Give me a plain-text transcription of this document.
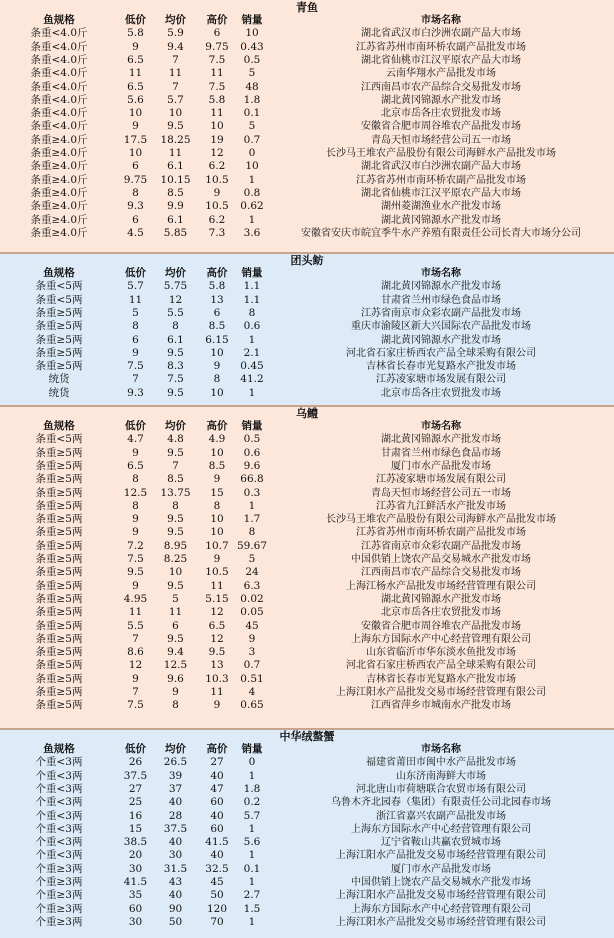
青鱼
鱼规格	低价	均价	高价	销量	市场名称
条重<4.0斤	5.8	5.9	6	10	湖北省武汉市白沙洲农副产品大市场
条重<4.0斤	9	9.4	9.75	0.43	江苏省苏州市南环桥农副产品批发市场
条重<4.0斤	6.5	7	7.5	0.5	湖北省仙桃市江汉平原农产品大市场
条重<4.0斤	11	11	11	5	云南华翔水产品批发市场
条重<4.0斤	6.5	7	7.5	48	江西南昌市农产品综合交易批发市场
条重<4.0斤	5.6	5.7	5.8	1.8	湖北黄冈锦源水产批发市场
条重<4.0斤	10	10	11	0.1	北京市岳各庄农贸批发市场
条重<4.0斤	9	9.5	10	5	安徽省合肥市周谷堆农产品批发市场
条重≥4.0斤	17.5	18.25	19	0.7	青岛天恒市场经营公司五一市场
条重≥4.0斤	10	11	12	0	长沙马王堆农产品股份有限公司海鲜水产品批发市场
条重≥4.0斤	6	6.1	6.2	10	湖北省武汉市白沙洲农副产品大市场
条重≥4.0斤	9.75	10.15	10.5	1	江苏省苏州市南环桥农副产品批发市场
条重≥4.0斤	8	8.5	9	0.8	湖北省仙桃市江汉平原农产品大市场
条重≥4.0斤	9.3	9.9	10.5	0.62	湖州菱湖渔业水产批发市场
条重≥4.0斤	6	6.1	6.2	1	湖北黄冈锦源水产批发市场
条重≥4.0斤	4.5	5.85	7.3	3.6	安徽省安庆市皖宜季牛水产养殖有限责任公司长青大市场分公司
团头鲂
鱼规格	低价	均价	高价	销量	市场名称
条重<5两	5.7	5.75	5.8	1.1	湖北黄冈锦源水产批发市场
条重<5两	11	12	13	1.1	甘肃省兰州市绿色食品市场
条重≥5两	5	5.5	6	8	江苏省南京市众彩农副产品批发市场
条重≥5两	8	8	8.5	0.6	重庆市渝陵区新大兴国际农产品批发市场
条重≥5两	6	6.1	6.15	1	湖北黄冈锦源水产批发市场
条重≥5两	9	9.5	10	2.1	河北省石家庄桥西农产品全球采购有限公司
条重≥5两	7.5	8.3	9	0.45	吉林省长春市光复路水产批发市场
统货	7	7.5	8	41.2	江苏凌家塘市场发展有限公司
统货	9.3	9.5	10	1	北京市岳各庄农贸批发市场
乌鳢
鱼规格	低价	均价	高价	销量	市场名称
条重<5两	4.7	4.8	4.9	0.5	湖北黄冈锦源水产批发市场
条重≥5两	9	9.5	10	0.6	甘肃省兰州市绿色食品市场
条重≥5两	6.5	7	8.5	9.6	厦门市水产品批发市场
条重≥5两	8	8.5	9	66.8	江苏凌家塘市场发展有限公司
条重≥5两	12.5	13.75	15	0.3	青岛天恒市场经营公司五一市场
条重≥5两	8	8	8	1	江苏省九江鲜活水产批发市场
条重≥5两	9	9.5	10	1.7	长沙马王堆农产品股份有限公司海鲜水产品批发市场
条重≥5两	9	9.5	10	8	江苏省苏州市南环桥农副产品批发市场
条重≥5两	7.2	8.95	10.7 59.67	江苏省南京市众彩农副产品批发市场
条重≥5两	7.5	8.25	9	5	中国供销上饶农产品交易城水产批发市场
条重≥5两	9.5	10	10.5	24	江西南昌市农产品综合交易批发市场
条重≥5两	9	9.5	11	6.3	上海江杨水产品批发市场经营管理有限公司
条重≥5两	4.95	5	5.15	0.02	湖北黄冈锦源水产批发市场
条重≥5两	11	11	12	0.05	北京市岳各庄农贸批发市场
条重≥5两	5.5	6	6.5	45	安徽省合肥市周谷堆农产品批发市场
条重≥5两	7	9.5	12	9	上海东方国际水产中心经营管理有限公司
条重≥5两	8.6	9.4	9.5	3	山东省临沂市华东淡水鱼批发市场
条重≥5两	12	12.5	13	0.7	河北省石家庄桥西农产品全球采购有限公司
条重≥5两	9	9.6	10.3	0.51	吉林省长春市光复路水产批发市场
条重≥5两	7	9	11	4	上海江阳水产品批发交易市场经营管理有限公司
条重≥5两	7.5	8	9	0.65	江西省萍乡市城南水产批发市场
中华绒螯蟹
鱼规格	低价	均价	高价	销量	市场名称
个重<3两	26	26.5	27	0	福建省莆田市闽中水产品批发市场
个重<3两	37.5	39	40	1	山东济南海鲜大市场
个重<3两	27	37	47	1.8	河北唐山市荷塘联合农贸市场有限公司
个重<3两	25	40	60	0.2	乌鲁木齐北园春（集团）有限责任公司北园春市场
个重<3两	16	28	40	5.7	浙江省嘉兴农副产品批发市场
个重<3两	15	37.5	60	1	上海东方国际水产中心经营管理有限公司
个重<3两	38.5	40	41.5	5.6	辽宁省鞍山共赢农贸城市场
个重<3两	20	30	40	1	上海江阳水产品批发交易市场经营管理有限公司
个重≥3两	30	31.5	32.5	0.1	厦门市水产品批发市场
个重≥3两	41.5	43	45	1	中国供销上饶农产品交易城水产批发市场
个重≥3两	35	40	50	2.7	上海江阳水产品批发交易市场经营管理有限公司
个重≥3两	60	90	120	1.5	上海东方国际水产中心经营管理有限公司
个重≥3两	30	50	70	1	上海江阳水产品批发交易市场经营管理有限公司
